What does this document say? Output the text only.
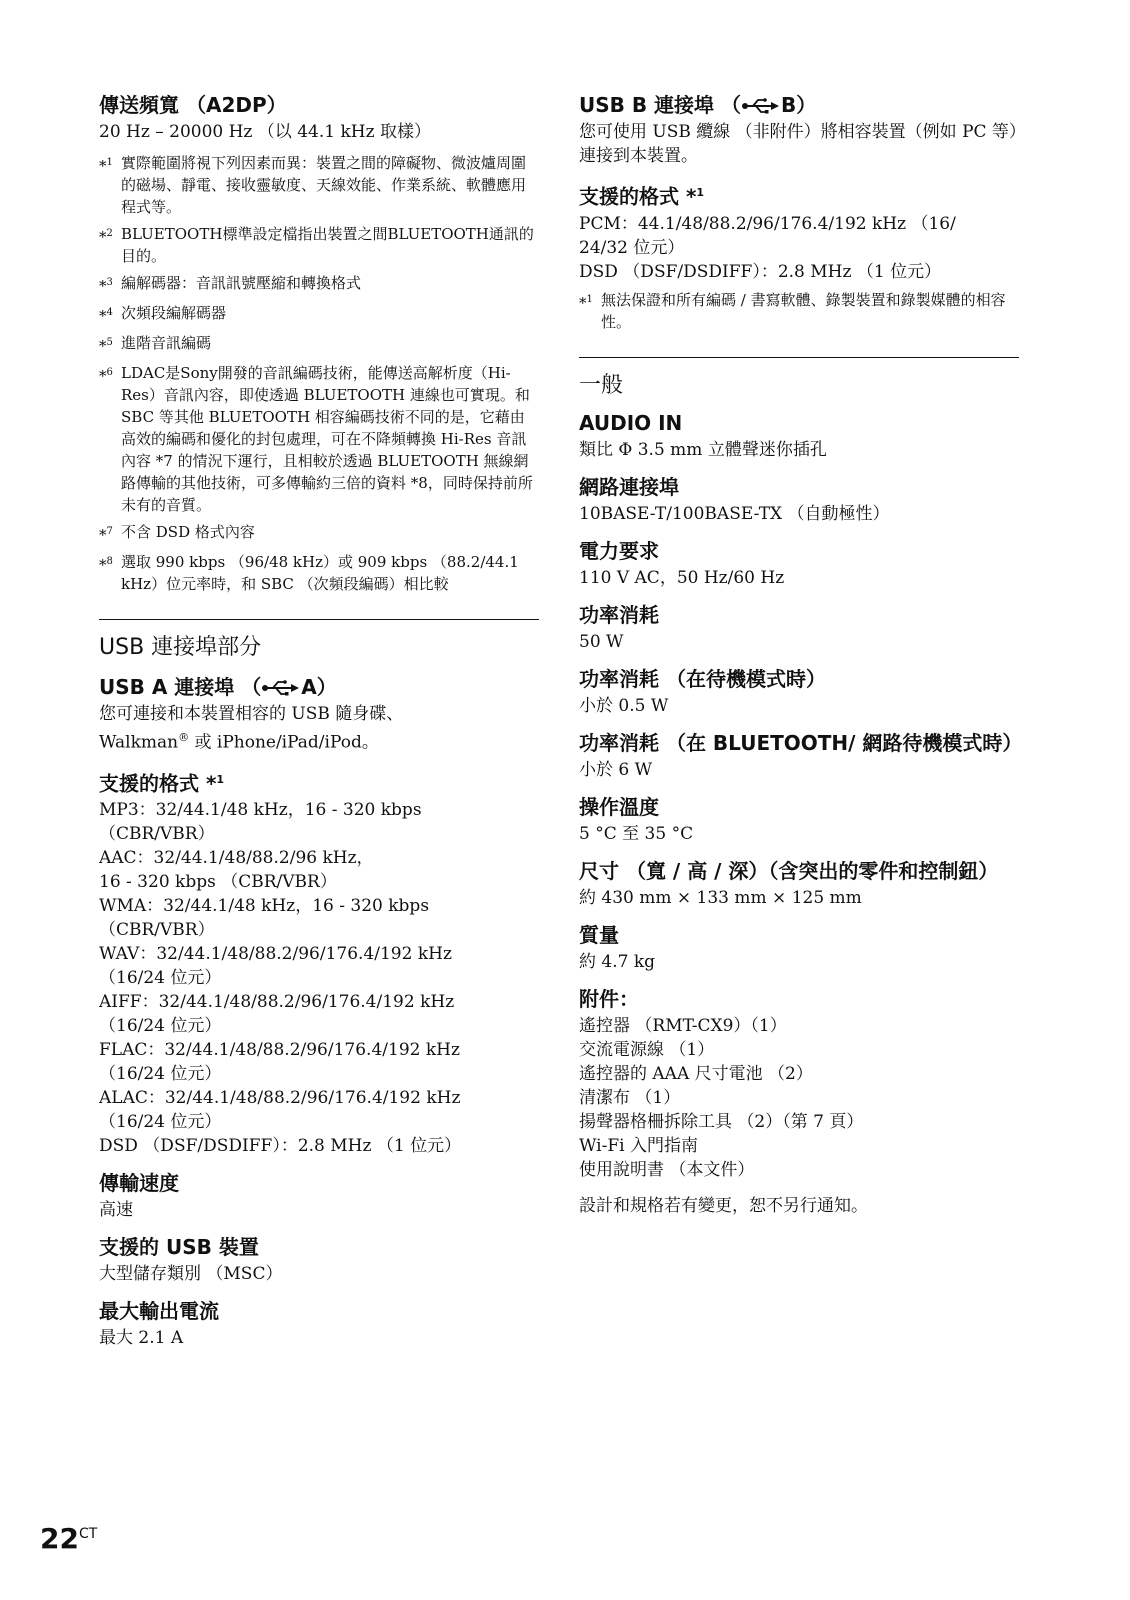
傳送頻寬 （A2DP）

20 Hz – 20000 Hz （以 44.1 kHz 取樣）

*$^1$ 實際範圍將視下列因素而異：裝置之間的障礙物、微波爐周圍的磁場、靜電、接收靈敏度、天線效能、作業系統、軟體應用程式等。
*$^2$ BLUETOOTH標準設定檔指出裝置之間BLUETOOTH通訊的目的。
*$^3$ 編解碼器：音訊訊號壓縮和轉換格式
*$^4$ 次頻段編解碼器
*$^5$ 進階音訊編碼
*$^6$ LDAC是Sony開發的音訊編碼技術，能傳送高解析度（Hi-Res）音訊內容，即使透過 BLUETOOTH 連線也可實現。和 SBC 等其他 BLUETOOTH 相容編碼技術不同的是，它藉由高效的編碼和優化的封包處理，可在不降頻轉換 Hi-Res 音訊內容 *7 的情況下運行，且相較於透過 BLUETOOTH 無線網路傳輸的其他技術，可多傳輸約三倍的資料 *8，同時保持前所未有的音質。
*$^7$ 不含 DSD 格式內容
*$^8$ 選取 990 kbps （96/48 kHz）或 909 kbps （88.2/44.1 kHz）位元率時，和 SBC （次頻段編碼）相比較
USB 連接埠部分
USB A 連接埠 （ A）

您可連接和本裝置相容的 USB 隨身碟、
Walkman® 或 iPhone/iPad/iPod。

支援的格式 *$^1$

MP3：32/44.1/48 kHz，16 - 320 kbps

（CBR/VBR）

AAC：32/44.1/48/88.2/96 kHz，

16 - 320 kbps （CBR/VBR）

WMA：32/44.1/48 kHz，16 - 320 kbps

（CBR/VBR）

WAV：32/44.1/48/88.2/96/176.4/192 kHz

（16/24 位元）

AIFF：32/44.1/48/88.2/96/176.4/192 kHz

（16/24 位元）

FLAC：32/44.1/48/88.2/96/176.4/192 kHz

（16/24 位元）

ALAC：32/44.1/48/88.2/96/176.4/192 kHz

（16/24 位元）

DSD （DSF/DSDIFF）：2.8 MHz （1 位元）

傳輸速度

高速

支援的 USB 裝置

大型儲存類別 （MSC）

最大輸出電流

最大 2.1 A

USB B 連接埠 （ B）

您可使用 USB 纜線 （非附件）將相容裝置（例如 PC 等）連接到本裝置。

支援的格式 *$^1$

PCM：44.1/48/88.2/96/176.4/192 kHz （16/

24/32 位元）

DSD （DSF/DSDIFF）：2.8 MHz （1 位元）

*$^1$ 無法保證和所有編碼 / 書寫軟體、錄製裝置和錄製媒體的相容性。
一般
AUDIO IN

類比 Φ 3.5 mm 立體聲迷你插孔

網路連接埠

10BASE-T/100BASE-TX （自動極性）

電力要求

110 V AC，50 Hz/60 Hz

功率消耗

50 W

功率消耗 （在待機模式時）

小於 0.5 W

功率消耗 （在 BLUETOOTH/ 網路待機模式時）

小於 6 W

操作溫度

5 °C 至 35 °C

尺寸 （寬 / 高 / 深）（含突出的零件和控制鈕）

約 430 mm × 133 mm × 125 mm

質量

約 4.7 kg

附件：

遙控器 （RMT-CX9）（1）

交流電源線 （1）

遙控器的 AAA 尺寸電池 （2）

清潔布 （1）

揚聲器格柵拆除工具 （2）（第 7 頁）

Wi-Fi 入門指南

使用說明書 （本文件）

設計和規格若有變更，恕不另行通知。

$22^{CT}$
